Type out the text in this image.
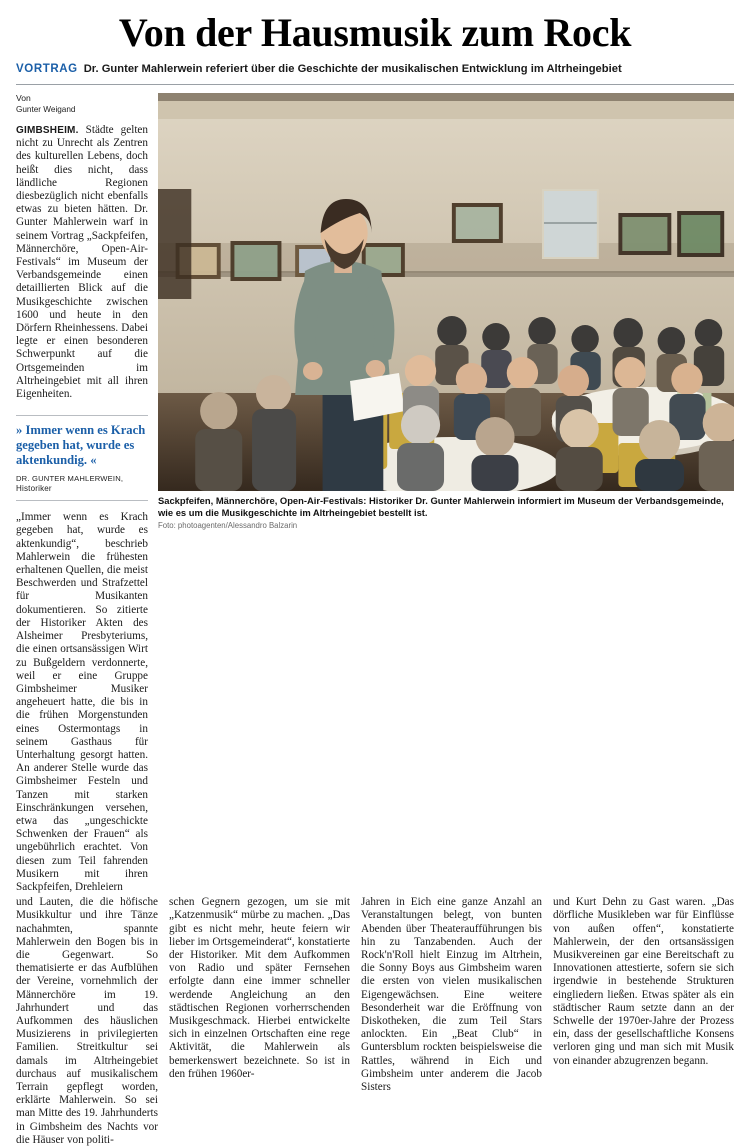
Von der Hausmusik zum Rock
VORTRAG Dr. Gunter Mahlerwein referiert über die Geschichte der musikalischen Entwicklung im Altrheingebiet
Von
Gunter Weigand
GIMBSHEIM. Städte gelten nicht zu Unrecht als Zentren des kulturellen Lebens, doch heißt dies nicht, dass ländliche Regionen diesbezüglich nicht ebenfalls etwas zu bieten hätten. Dr. Gunter Mahlerwein warf in seinem Vortrag „Sackpfeifen, Männerchöre, Open-Air-Festivals“ im Museum der Verbandsgemeinde einen detaillierten Blick auf die Musikgeschichte zwischen 1600 und heute in den Dörfern Rheinhessens. Dabei legte er einen besonderen Schwerpunkt auf die Ortsgemeinden im Altrheingebiet mit all ihren Eigenheiten.
» Immer wenn es Krach gegeben hat, wurde es aktenkundig. «
DR. GUNTER MAHLERWEIN,
Historiker
„Immer wenn es Krach gegeben hat, wurde es aktenkundig“, beschrieb Mahlerwein die frühesten erhaltenen Quellen, die meist Beschwerden und Strafzettel für Musikanten dokumentieren. So zitierte der Historiker Akten des Alsheimer Presbyteriums, die einen ortsansässigen Wirt zu Bußgeldern verdonnerte, weil er eine Gruppe Gimbsheimer Musiker angeheuert hatte, die bis in die frühen Morgenstunden eines Ostermontags in seinem Gasthaus für Unterhaltung gesorgt hatten. An anderer Stelle wurde das Gimbsheimer Festeln und Tanzen mit starken Einschränkungen versehen, etwa das „ungeschickte Schwenken der Frauen“ als ungebührlich erachtet. Von diesen zum Teil fahrenden Musikern mit ihren Sackpfeifen, Drehleiern
Sackpfeifen, Männerchöre, Open-Air-Festivals: Historiker Dr. Gunter Mahlerwein informiert im Museum der Verbandsgemeinde, wie es um die Musikgeschichte im Altrheingebiet bestellt ist.
Foto: photoagenten/Alessandro Balzarin
und Lauten, die die höfische Musikkultur und ihre Tänze nachahmten, spannte Mahlerwein den Bogen bis in die Gegenwart. So thematisierte er das Aufblühen der Vereine, vornehmlich der Männerchöre im 19. Jahrhundert und das Aufkommen des häuslichen Musizierens in privilegierten Familien. Streitkultur sei damals im Altrheingebiet durchaus auf musikalischem Terrain gepflegt worden, erklärte Mahlerwein. So sei man Mitte des 19. Jahrhunderts in Gimbsheim des Nachts vor die Häuser von politi-
schen Gegnern gezogen, um sie mit „Katzenmusik“ mürbe zu machen. „Das gibt es nicht mehr, heute feiern wir lieber im Ortsgemeinderat“, konstatierte der Historiker. Mit dem Aufkommen von Radio und später Fernsehen erfolgte dann eine immer schneller werdende Angleichung an den städtischen Regionen vorherrschenden Musikgeschmack. Hierbei entwickelte sich in einzelnen Ortschaften eine rege Aktivität, die Mahlerwein als bemerkenswert bezeichnete. So ist in den frühen 1960er-
Jahren in Eich eine ganze Anzahl an Veranstaltungen belegt, von bunten Abenden über Theateraufführungen bis hin zu Tanzabenden. Auch der Rock'n'Roll hielt Einzug im Altrhein, die Sonny Boys aus Gimbsheim waren die ersten von vielen musikalischen Eigengewächsen. Eine weitere Besonderheit war die Eröffnung von Diskotheken, die zum Teil Stars anlockten. Ein „Beat Club“ in Guntersblum rockten beispielsweise die Rattles, während in Eich und Gimbsheim unter anderem die Jacob Sisters
und Kurt Dehn zu Gast waren. „Das dörfliche Musikleben war für Einflüsse von außen offen“, konstatierte Mahlerwein, der den ortsansässigen Musikvereinen gar eine Bereitschaft zu Innovationen attestierte, sofern sie sich irgendwie in bestehende Strukturen eingliedern ließen. Etwas später als ein städtischer Raum setzte dann an der Schwelle der 1970er-Jahre der Prozess ein, dass der gesellschaftliche Konsens verloren ging und man sich mit Musik von einander abzugrenzen begann.
